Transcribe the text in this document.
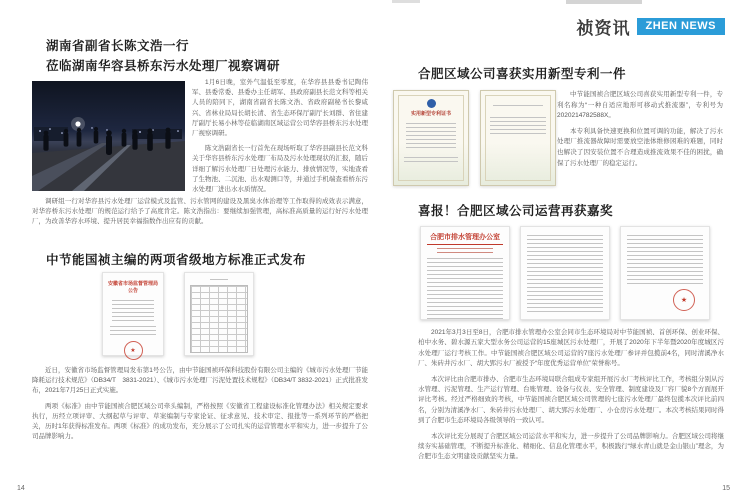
祯资讯	ZHEN NEWS
湖南省副省长陈文浩一行
莅临湖南华容县桥东污水处理厂视察调研

1月6日晚，室外气温低至零度，在华容县县委书记陶伟军、县委常委、县委办主任胡军、县政府副县长范文科等相关人员的陪同下，湖南省副省长陈文浩、省政府副秘书长黎咸兴、省林业局局长胡长清、省生态环保厅副厅长刘群、省住建厅副厅长易小林等莅临湖南区域运营公司华容县桥东污水处理厂视察调研。

陈文浩副省长一行首先在现场听取了华容县副县长范文科关于华容县桥东污水处理厂布局及污水处理现状的汇报，随后详细了解污水处理厂日处理污水能力、排放情况等，实地查看了生物池、二沉池、出水观测口等，并通过手机端查看桥东污水处理厂进出水水质情况。

调研组一行对华容县污水处理厂运营模式及监管、污水管网的建设及黑臭水体治理等工作取得的成效表示满意，对华容桥东污水处理厂的规范运行给予了高度肯定。陈文浩指出：要继续加强管理，高标准高质量的运行好污水处理厂，为改善华容水环境、提升居民幸福指数作出应有的贡献。

中节能国祯主编的两项省级地方标准正式发布
安徽省市场监督管理局公告
★

近日，安徽省市场监督管理局发布第1号公告，由中节能国祯环保科技股份有限公司主编的《城市污水处理厂节能降耗运行技术规范》（DB34/T　3831-2021）、《城市污水处理厂污泥处置技术规程》（DB34/T 3832-2021）正式批准发布，2021年7月25日正式实施。

两项《标准》由中节能国祯合肥区域公司牵头编制，严格按照《安徽省工程建设标准化管理办法》相关规定要求执行，历经立项评审、大纲起草与评审、草案编制与专家论证、征求意见、技术审定、报批等一系列环节的严格把关，历时1年获得标准发布。两项《标准》的成功发布，充分展示了公司扎实的运营管理水平和实力，进一步提升了公司品牌影响力。

合肥区域公司喜获实用新型专利一件
实用新型专利证书

中节能国祯合肥区域公司喜获实用新型专利一件，专利名称为“一种自适应地形可移动式推流器”，专利号为2020214782588X。

本专利具备快速更换和位置可调的功能，解决了污水处理厂推流器故障时需要放空池体维修困难的难题，同时也解决了因安装位置不合理造成推流效果不佳的困扰，确保了污水处理厂的稳定运行。

喜报！合肥区域公司运营再获嘉奖
合肥市排水管理办公室
★

2021年3月3日至8日，合肥市排水管理办公室会同市生态环境局对中节能国祯、首创环保、创业环保、柏中水务、碧水源五家大型水务公司运营的15座城区污水处理厂，开展了2020年下半年暨2020年度城区污水处理厂运行考核工作。中节能国祯合肥区域公司运营的7座污水处理厂参评并包揽前4名，同时清溪净水厂、朱砖井污水厂、胡大郢污水厂被授予“年度优秀运营单位”荣誉称号。

本次评比由合肥市排办、合肥市生态环境局联合组成专家组开展污水厂考核评比工作，考核组分别从污水管理、污泥管理、生产运行管理、台账管理、设备与仪表、安全管理、制度建设及厂容厂貌8个方面展开评比考核。经过严格细致的考核，中节能国祯合肥区域公司管理的七座污水处理厂最终包揽本次评比前四名，分别为清溪净水厂、朱砖井污水处理厂、胡大郢污水处理厂、小仓房污水处理厂。本次考核结果同时得到了合肥市生态环境局各级领导的一致认可。

本次评比充分展现了合肥区域公司运营水平和实力，进一步提升了公司品牌影响力。合肥区域公司将继续夯实基础管理，不断提升标准化、精细化、信息化管理水平，积极践行“绿水青山就是金山银山”理念，为合肥市生态文明建设贡献坚实力量。

14	15
